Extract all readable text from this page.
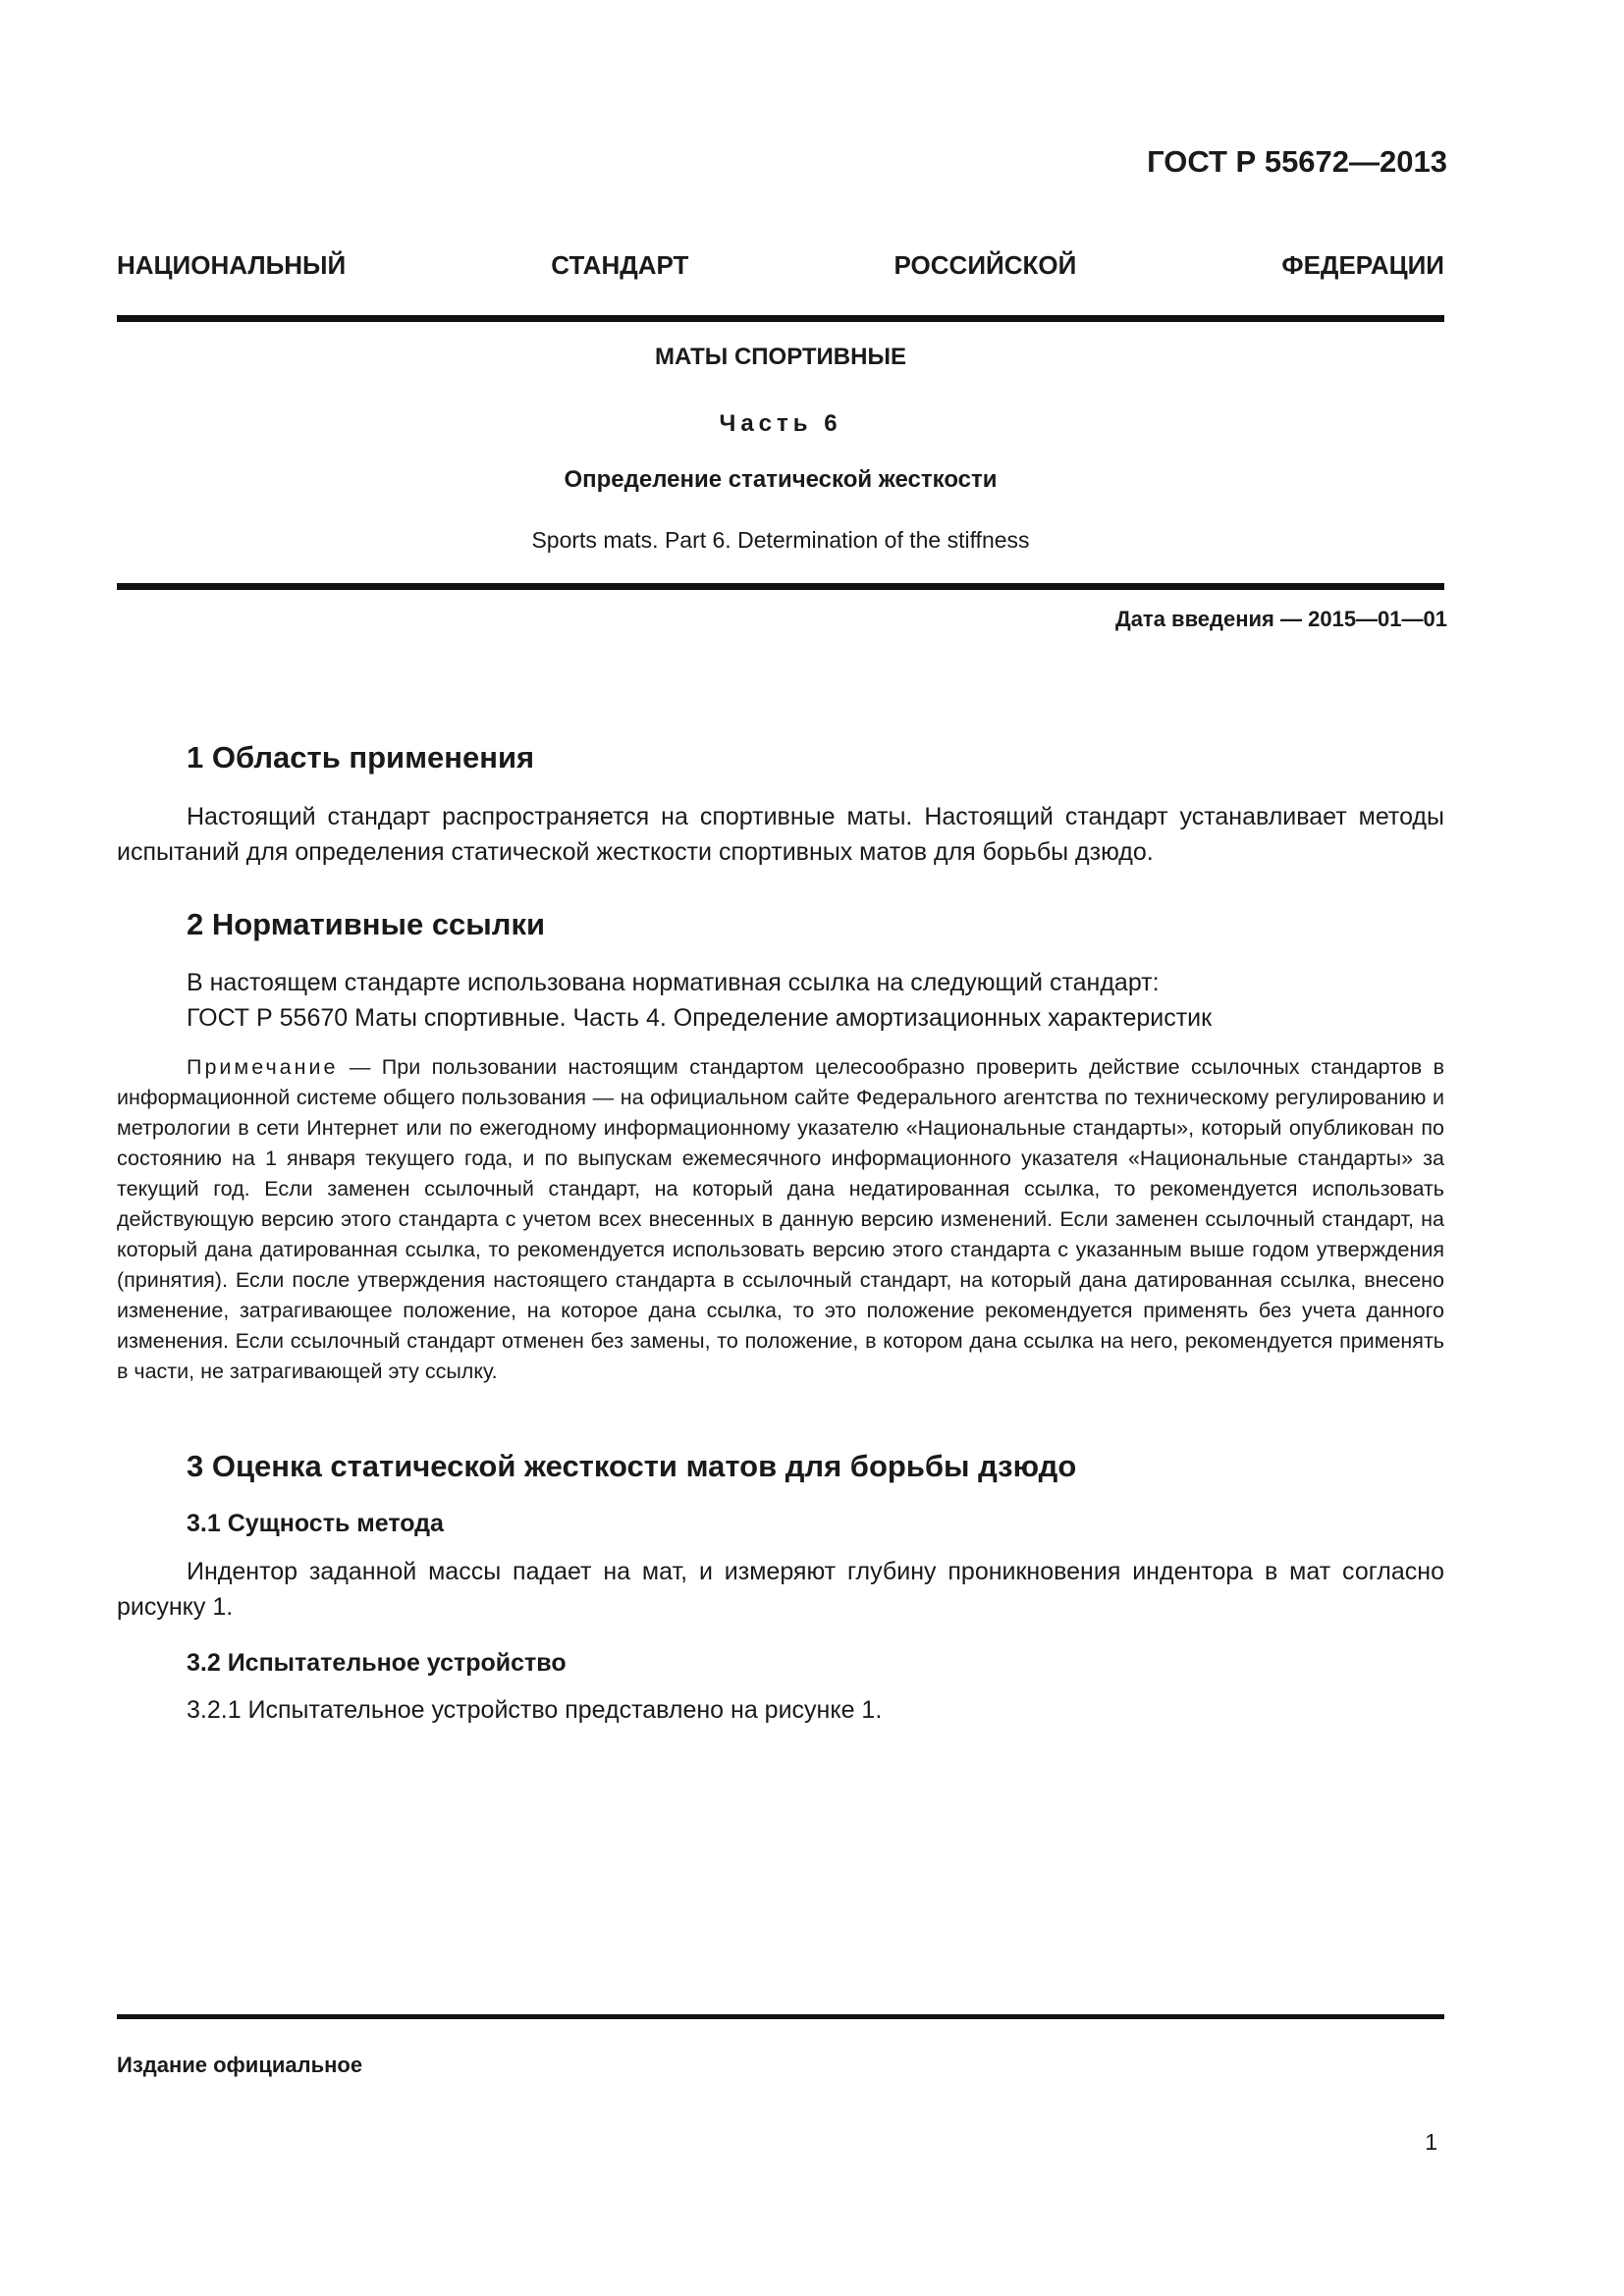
ГОСТ Р 55672—2013
НАЦИОНАЛЬНЫЙ СТАНДАРТ РОССИЙСКОЙ ФЕДЕРАЦИИ
МАТЫ СПОРТИВНЫЕ
Часть 6
Определение статической жесткости
Sports mats. Part 6. Determination of the stiffness
Дата введения — 2015—01—01
1 Область применения
Настоящий стандарт распространяется на спортивные маты. Настоящий стандарт устанавливает методы испытаний для определения статической жесткости спортивных матов для борьбы дзюдо.
2 Нормативные ссылки
В настоящем стандарте использована нормативная ссылка на следующий стандарт:
ГОСТ Р 55670 Маты спортивные. Часть 4. Определение амортизационных характеристик
Примечание — При пользовании настоящим стандартом целесообразно проверить действие ссылочных стандартов в информационной системе общего пользования — на официальном сайте Федерального агентства по техническому регулированию и метрологии в сети Интернет или по ежегодному информационному указателю «Национальные стандарты», который опубликован по состоянию на 1 января текущего года, и по выпускам ежемесячного информационного указателя «Национальные стандарты» за текущий год. Если заменен ссылочный стандарт, на который дана недатированная ссылка, то рекомендуется использовать действующую версию этого стандарта с учетом всех внесенных в данную версию изменений. Если заменен ссылочный стандарт, на который дана датированная ссылка, то рекомендуется использовать версию этого стандарта с указанным выше годом утверждения (принятия). Если после утверждения настоящего стандарта в ссылочный стандарт, на который дана датированная ссылка, внесено изменение, затрагивающее положение, на которое дана ссылка, то это положение рекомендуется применять без учета данного изменения. Если ссылочный стандарт отменен без замены, то положение, в котором дана ссылка на него, рекомендуется применять в части, не затрагивающей эту ссылку.
3 Оценка статической жесткости матов для борьбы дзюдо
3.1 Сущность метода
Индентор заданной массы падает на мат, и измеряют глубину проникновения индентора в мат согласно рисунку 1.
3.2 Испытательное устройство
3.2.1 Испытательное устройство представлено на рисунке 1.
Издание официальное
1
